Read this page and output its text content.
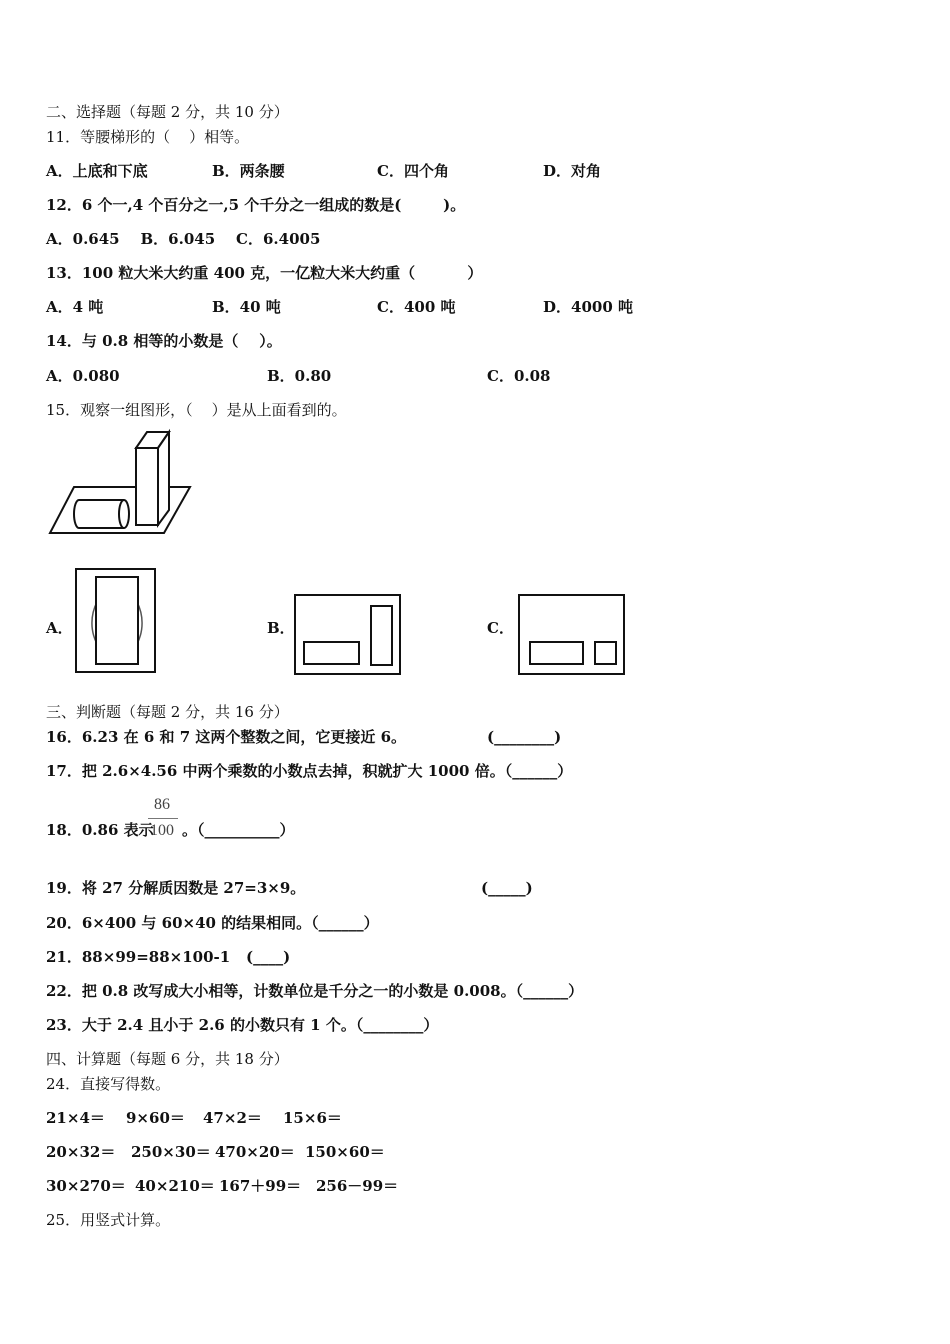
二、选择题（每题 2 分，共 10 分）
11．等腰梯形的（    ）相等。
A．上底和下底	B．两条腰	C．四个角	D．对角
12．6 个一,4 个百分之一,5 个千分之一组成的数是(        )。
A．0.645    B．6.045    C．6.4005
13．100 粒大米大约重 400 克，一亿粒大米大约重（          ）
A．4 吨	B．40 吨	C．400 吨	D．4000 吨
14．与 0.8 相等的小数是（    ）。
A．0.080	B．0.80	C．0.08
15．观察一组图形，（    ）是从上面看到的。
A．	B．	C．
三、判断题（每题 2 分，共 16 分）
16．6.23 在 6 和 7 这两个整数之间，它更接近 6。	(________)
17．把 2.6×4.56 中两个乘数的小数点去掉，积就扩大 1000 倍。（______）
18．0.86 表示
86
100 。（__________）
19．将 27 分解质因数是 27=3×9。	(_____)
20．6×400 与 60×40 的结果相同。（______）
21．88×99=88×100-1 (____)
22．把 0.8 改写成大小相等，计数单位是千分之一的小数是 0.008。（______）
23．大于 2.4 且小于 2.6 的小数只有 1 个。（________）
四、计算题（每题 6 分，共 18 分）
24．直接写得数。
21×4＝ 9×60＝ 47×2＝ 15×6＝
20×32＝ 250×30＝ 470×20＝ 150×60＝
30×270＝ 40×210＝ 167＋99＝ 256－99＝
25．用竖式计算。
